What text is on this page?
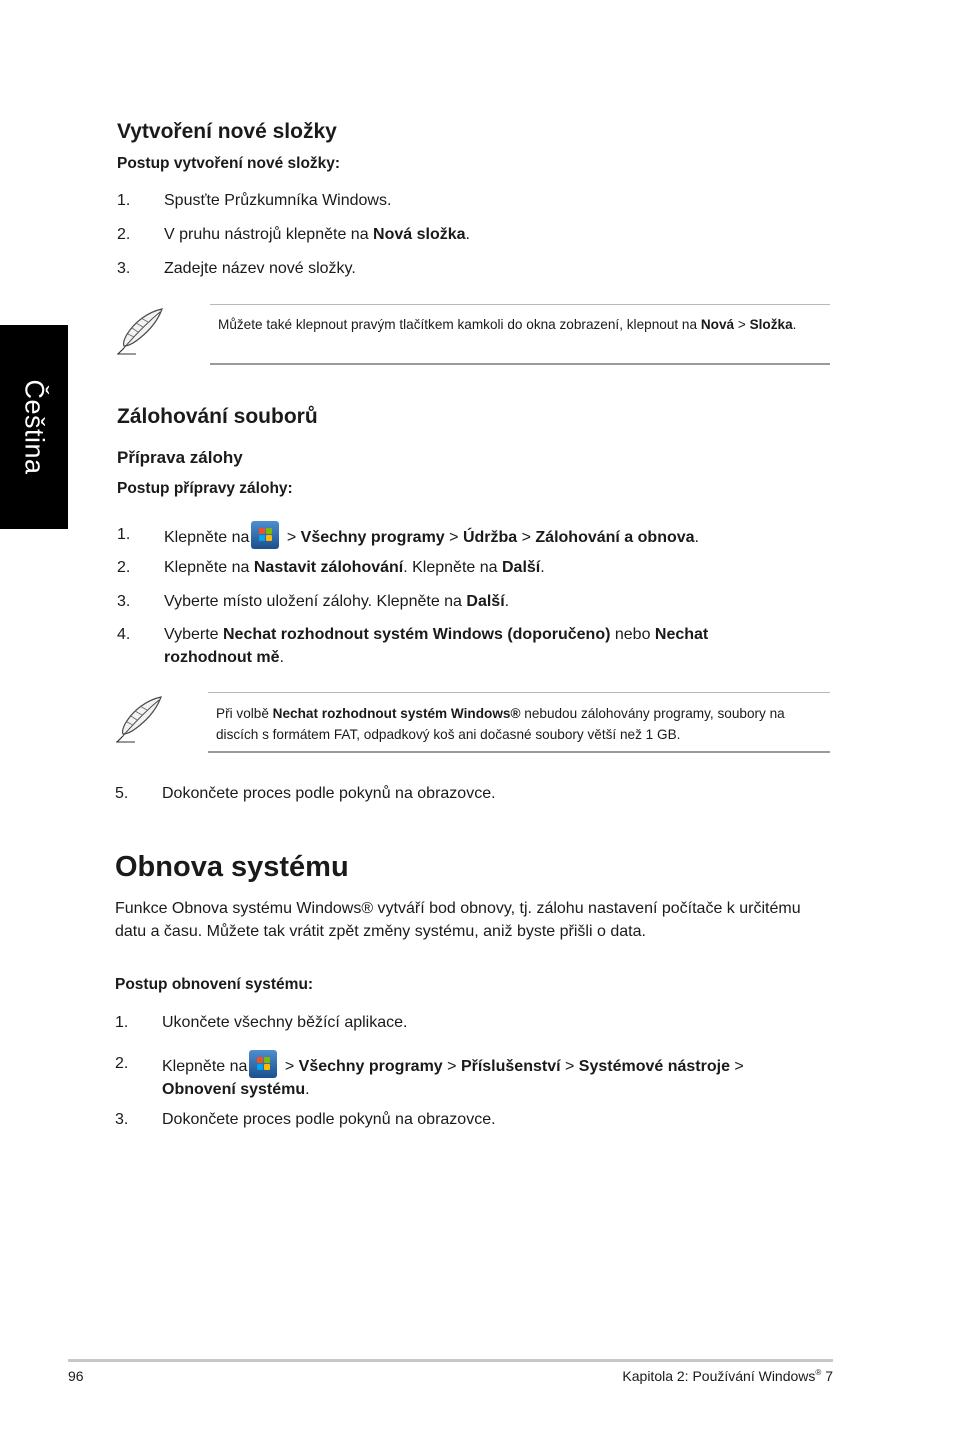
Čeština
Vytvoření nové složky
Postup vytvoření nové složky:
1. Spusťte Průzkumníka Windows.
2. V pruhu nástrojů klepněte na Nová složka.
3. Zadejte název nové složky.
Můžete také klepnout pravým tlačítkem kamkoli do okna zobrazení, klepnout na Nová > Složka.
Zálohování souborů
Příprava zálohy
Postup přípravy zálohy:
1. Klepněte na
> Všechny programy > Údržba > Zálohování a obnova.
2. Klepněte na Nastavit zálohování. Klepněte na Další.
3. Vyberte místo uložení zálohy. Klepněte na Další.
4. Vyberte Nechat rozhodnout systém Windows (doporučeno) nebo Nechat rozhodnout mě.
Při volbě Nechat rozhodnout systém Windows® nebudou zálohovány programy, soubory na discích s formátem FAT, odpadkový koš ani dočasné soubory větší než 1 GB.
5. Dokončete proces podle pokynů na obrazovce.
Obnova systému
Funkce Obnova systému Windows® vytváří bod obnovy, tj. zálohu nastavení počítače k určitému datu a času. Můžete tak vrátit zpět změny systému, aniž byste přišli o data.
Postup obnovení systému:
1. Ukončete všechny běžící aplikace.
2. Klepněte na
> Všechny programy > Příslušenství > Systémové nástroje > Obnovení systému.
3. Dokončete proces podle pokynů na obrazovce.
96	Kapitola 2: Používání Windows® 7
